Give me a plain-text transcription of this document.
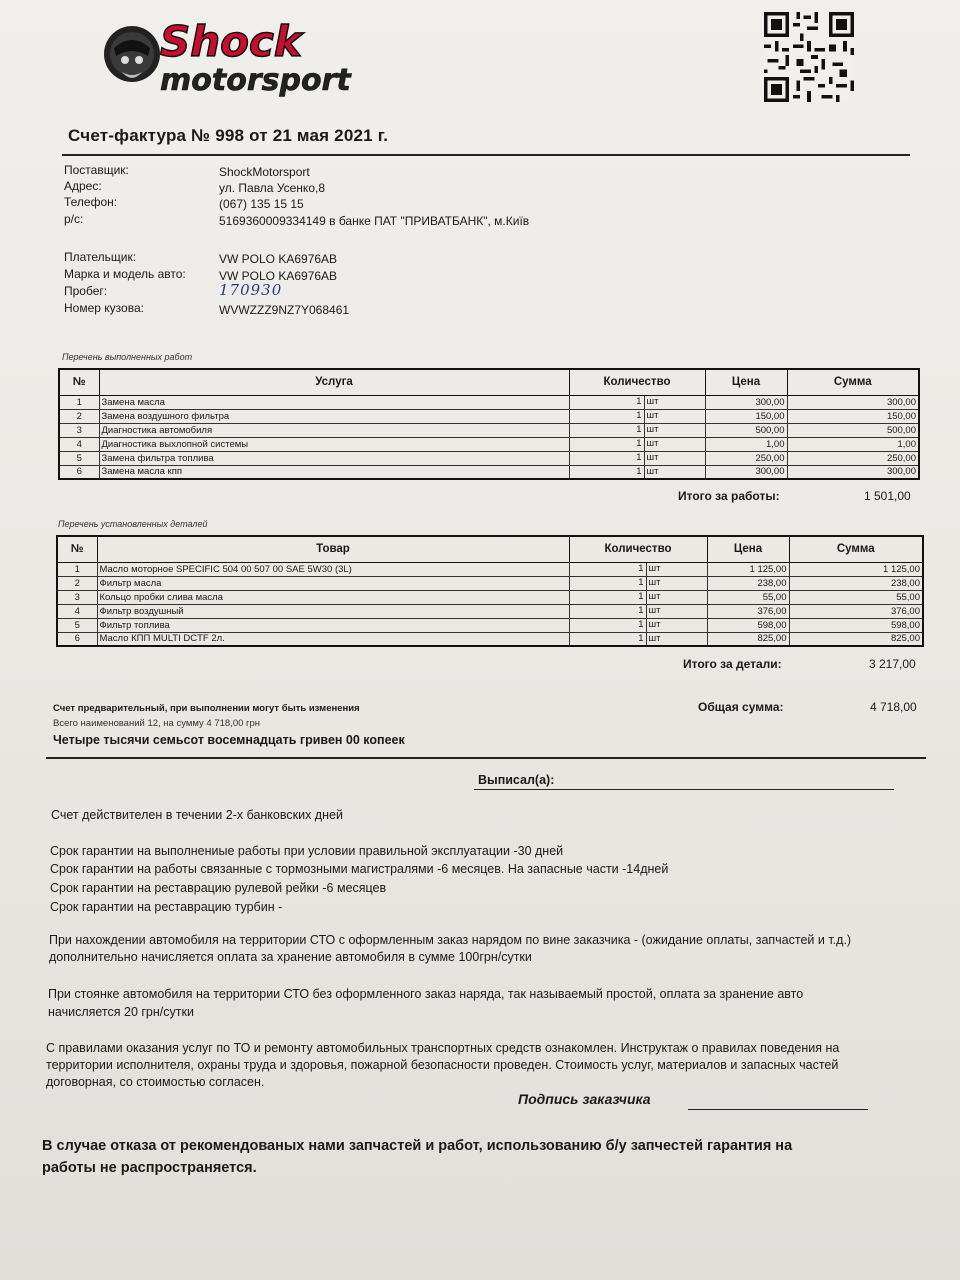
Shock
motorsport
Счет-фактура № 998 от 21 мая 2021 г.
Поставщик:	ShockMotorsport
Адрес:	ул. Павла Усенко,8
Телефон:	(067) 135 15 15
р/с:	5169360009334149 в банке ПАТ "ПРИВАТБАНК", м.Київ
Плательщик:	VW POLO KA6976AB
Марка и модель авто:	VW POLO KA6976AB
Пробег:	170930
Номер кузова:	WVWZZZ9NZ7Y068461
Перечень выполненных работ
№	Услуга	Количество	Цена	Сумма
1	Замена масла	1 шт	300,00	300,00
2	Замена воздушного фильтра	1 шт	150,00	150,00
3	Диагностика автомобиля	1 шт	500,00	500,00
4	Диагностика выхлопной системы	1 шт	1,00	1,00
5	Замена фильтра топлива	1 шт	250,00	250,00
6	Замена масла кпп	1 шт	300,00	300,00
Итого за работы:	1 501,00
Перечень установленных деталей
№	Товар	Количество	Цена	Сумма
1	Масло моторное SPECIFIC 504 00 507 00 SAE 5W30 (3L)	1 шт	1 125,00	1 125,00
2	Фильтр масла	1 шт	238,00	238,00
3	Кольцо пробки слива масла	1 шт	55,00	55,00
4	Фильтр воздушный	1 шт	376,00	376,00
5	Фильтр топлива	1 шт	598,00	598,00
6	Масло КПП MULTI DCTF 2л.	1 шт	825,00	825,00
Итого за детали:	3 217,00
Счет предварительный, при выполнении могут быть изменения
Всего наименований 12, на сумму 4 718,00 грн
Четыре тысячи семьсот восемнадцать гривен 00 копеек
Общая сумма:	4 718,00
Выписал(а):
Счет действителен в течении 2-х банковских дней
Срок гарантии на выполнениые работы при условии правильной эксплуатации -30 дней
Срок гарантии на работы связанные с тормозными магистралями -6 месяцев. На запасные части -14дней
Срок гарантии на реставрацию рулевой рейки -6 месяцев
Срок гарантии на реставрацию турбин -
При нахождении автомобиля на территории СТО с оформленным заказ нарядом по вине заказчика - (ожидание оплаты, запчастей и т.д.)
дополнительно начисляется оплата за хранение автомобиля в сумме 100грн/сутки
При стоянке автомобиля на территории СТО без оформленного заказ наряда, так называемый простой, оплата за зранение авто
начисляется 20 грн/сутки
С правилами оказания услуг по ТО и ремонту автомобильных транспортных средств ознакомлен. Инструктаж о правилах поведения на
территории исполнителя, охраны труда и здоровья, пожарной безопасности проведен. Стоимость услуг, материалов и запасных частей
договорная, со стоимостью согласен.
Подпись заказчика
В случае отказа от рекомендованых нами запчастей и работ, использованию б/у запчестей гарантия на
работы не распространяется.
